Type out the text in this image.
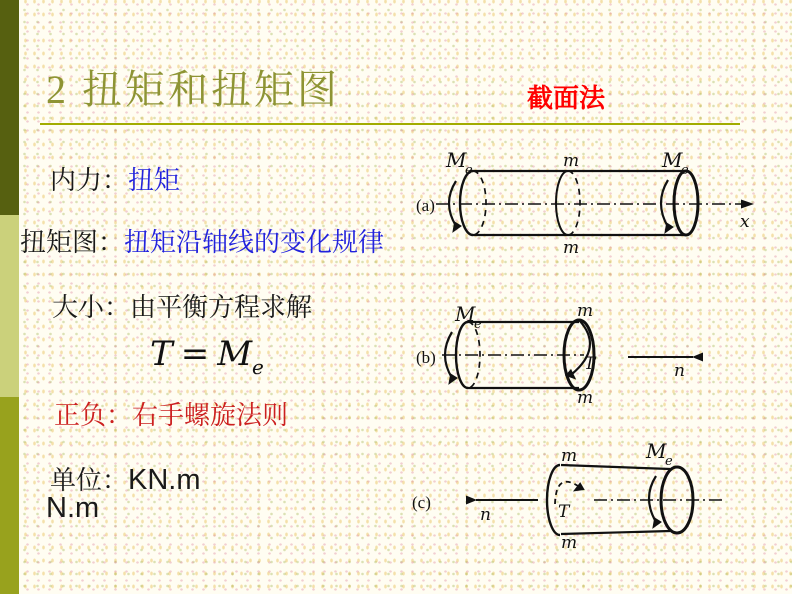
2 扭矩和扭矩图	截面法
内力：扭矩
扭矩图：扭矩沿轴线的变化规律
大小：由平衡方程求解
$T = M_e$
正负：右手螺旋法则
单位：KN.m
N.m
(a)
x
m
m
M
e	M
e
(b)	T
m
m
M
e
n
(c)
n	T
m
m
M
e
